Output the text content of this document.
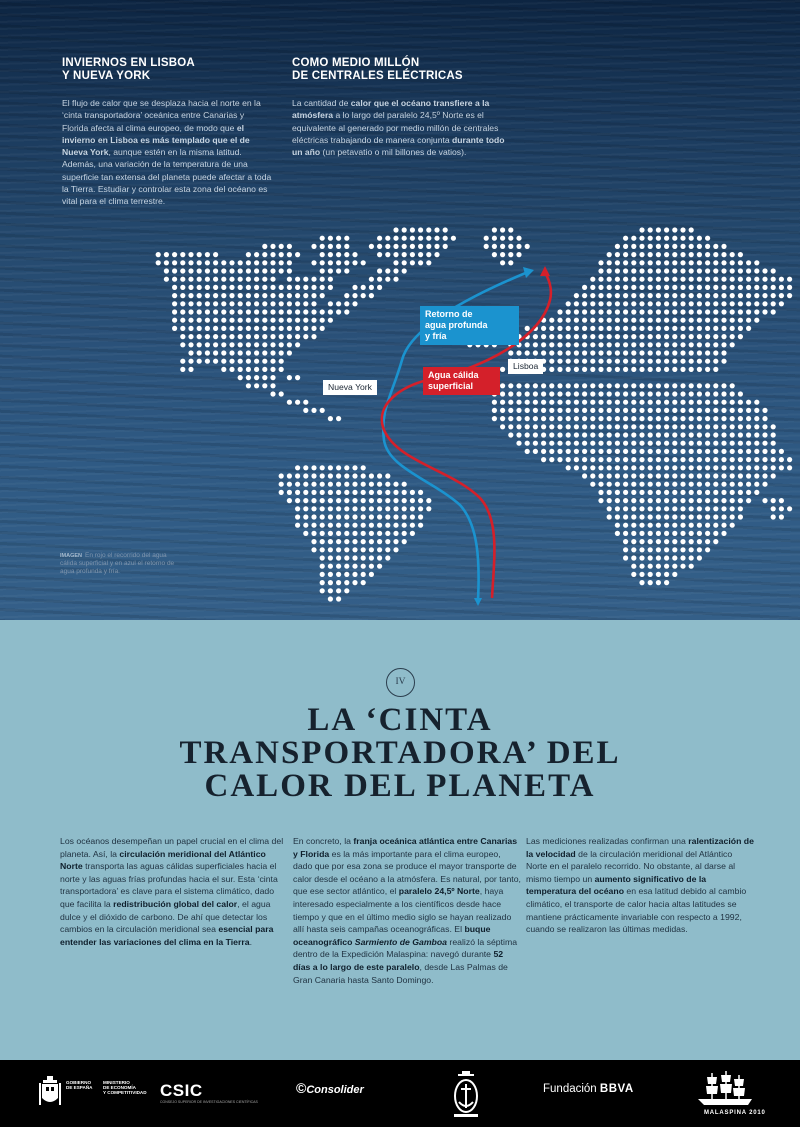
INVIERNOS EN LISBOA
Y NUEVA YORK

El flujo de calor que se desplaza hacia el norte en la ‘cinta transportadora’ oceánica entre Canarias y Florida afecta al clima europeo, de modo que el invierno en Lisboa es más templado que el de Nueva York, aunque estén en la misma latitud. Además, una variación de la temperatura de una superficie tan extensa del planeta puede afectar a toda la Tierra. Estudiar y controlar esta zona del océano es vital para el clima terrestre.

COMO MEDIO MILLÓN
DE CENTRALES ELÉCTRICAS

La cantidad de calor que el océano transfiere a la atmósfera a lo largo del paralelo 24,5º Norte es el equivalente al generado por medio millón de centrales eléctricas trabajando de manera conjunta durante todo un año (un petavatio o mil billones de vatios).

Retorno de
agua profunda
y fría
Agua cálida
superficial
Nueva York
Lisboa
IMAGEN En rojo el recorrido del agua cálida superficial y en azul el retorno de agua profunda y fría.
IV
LA ‘CINTA
TRANSPORTADORA’ DEL
CALOR DEL PLANETA

Los océanos desempeñan un papel crucial en el clima del planeta. Así, la circulación meridional del Atlántico Norte transporta las aguas cálidas superficiales hacia el norte y las aguas frías profundas hacia el sur. Esta ‘cinta transportadora’ es clave para el sistema climático, dado que facilita la redistribución global del calor, el agua dulce y el dióxido de carbono. De ahí que detectar los cambios en la circulación meridional sea esencial para entender las variaciones del clima en la Tierra.

En concreto, la franja oceánica atlántica entre Canarias y Florida es la más importante para el clima europeo, dado que por esa zona se produce el mayor transporte de calor desde el océano a la atmósfera. Es natural, por tanto, que ese sector atlántico, el paralelo 24,5º Norte, haya interesado especialmente a los científicos desde hace tiempo y que en el último medio siglo se hayan realizado allí hasta seis campañas oceanográficas. El buque oceanográfico Sarmiento de Gamboa realizó la séptima dentro de la Expedición Malaspina: navegó durante 52 días a lo largo de este paralelo, desde Las Palmas de Gran Canaria hasta Santo Domingo.

Las mediciones realizadas confirman una ralentización de la velocidad de la circulación meridional del Atlántico Norte en el paralelo recorrido. No obstante, al darse al mismo tiempo un aumento significativo de la temperatura del océano en esa latitud debido al cambio climático, el transporte de calor hacia altas latitudes se mantiene prácticamente invariable con respecto a 1992, cuando se realizaron las últimas medidas.

GOBIERNO
DE ESPAÑA
MINISTERIO
DE ECONOMÍA
Y COMPETITIVIDAD CSIC
CONSEJO SUPERIOR DE INVESTIGACIONES CIENTÍFICAS
©Consolider	Fundación BBVA
MALASPINA 2010
